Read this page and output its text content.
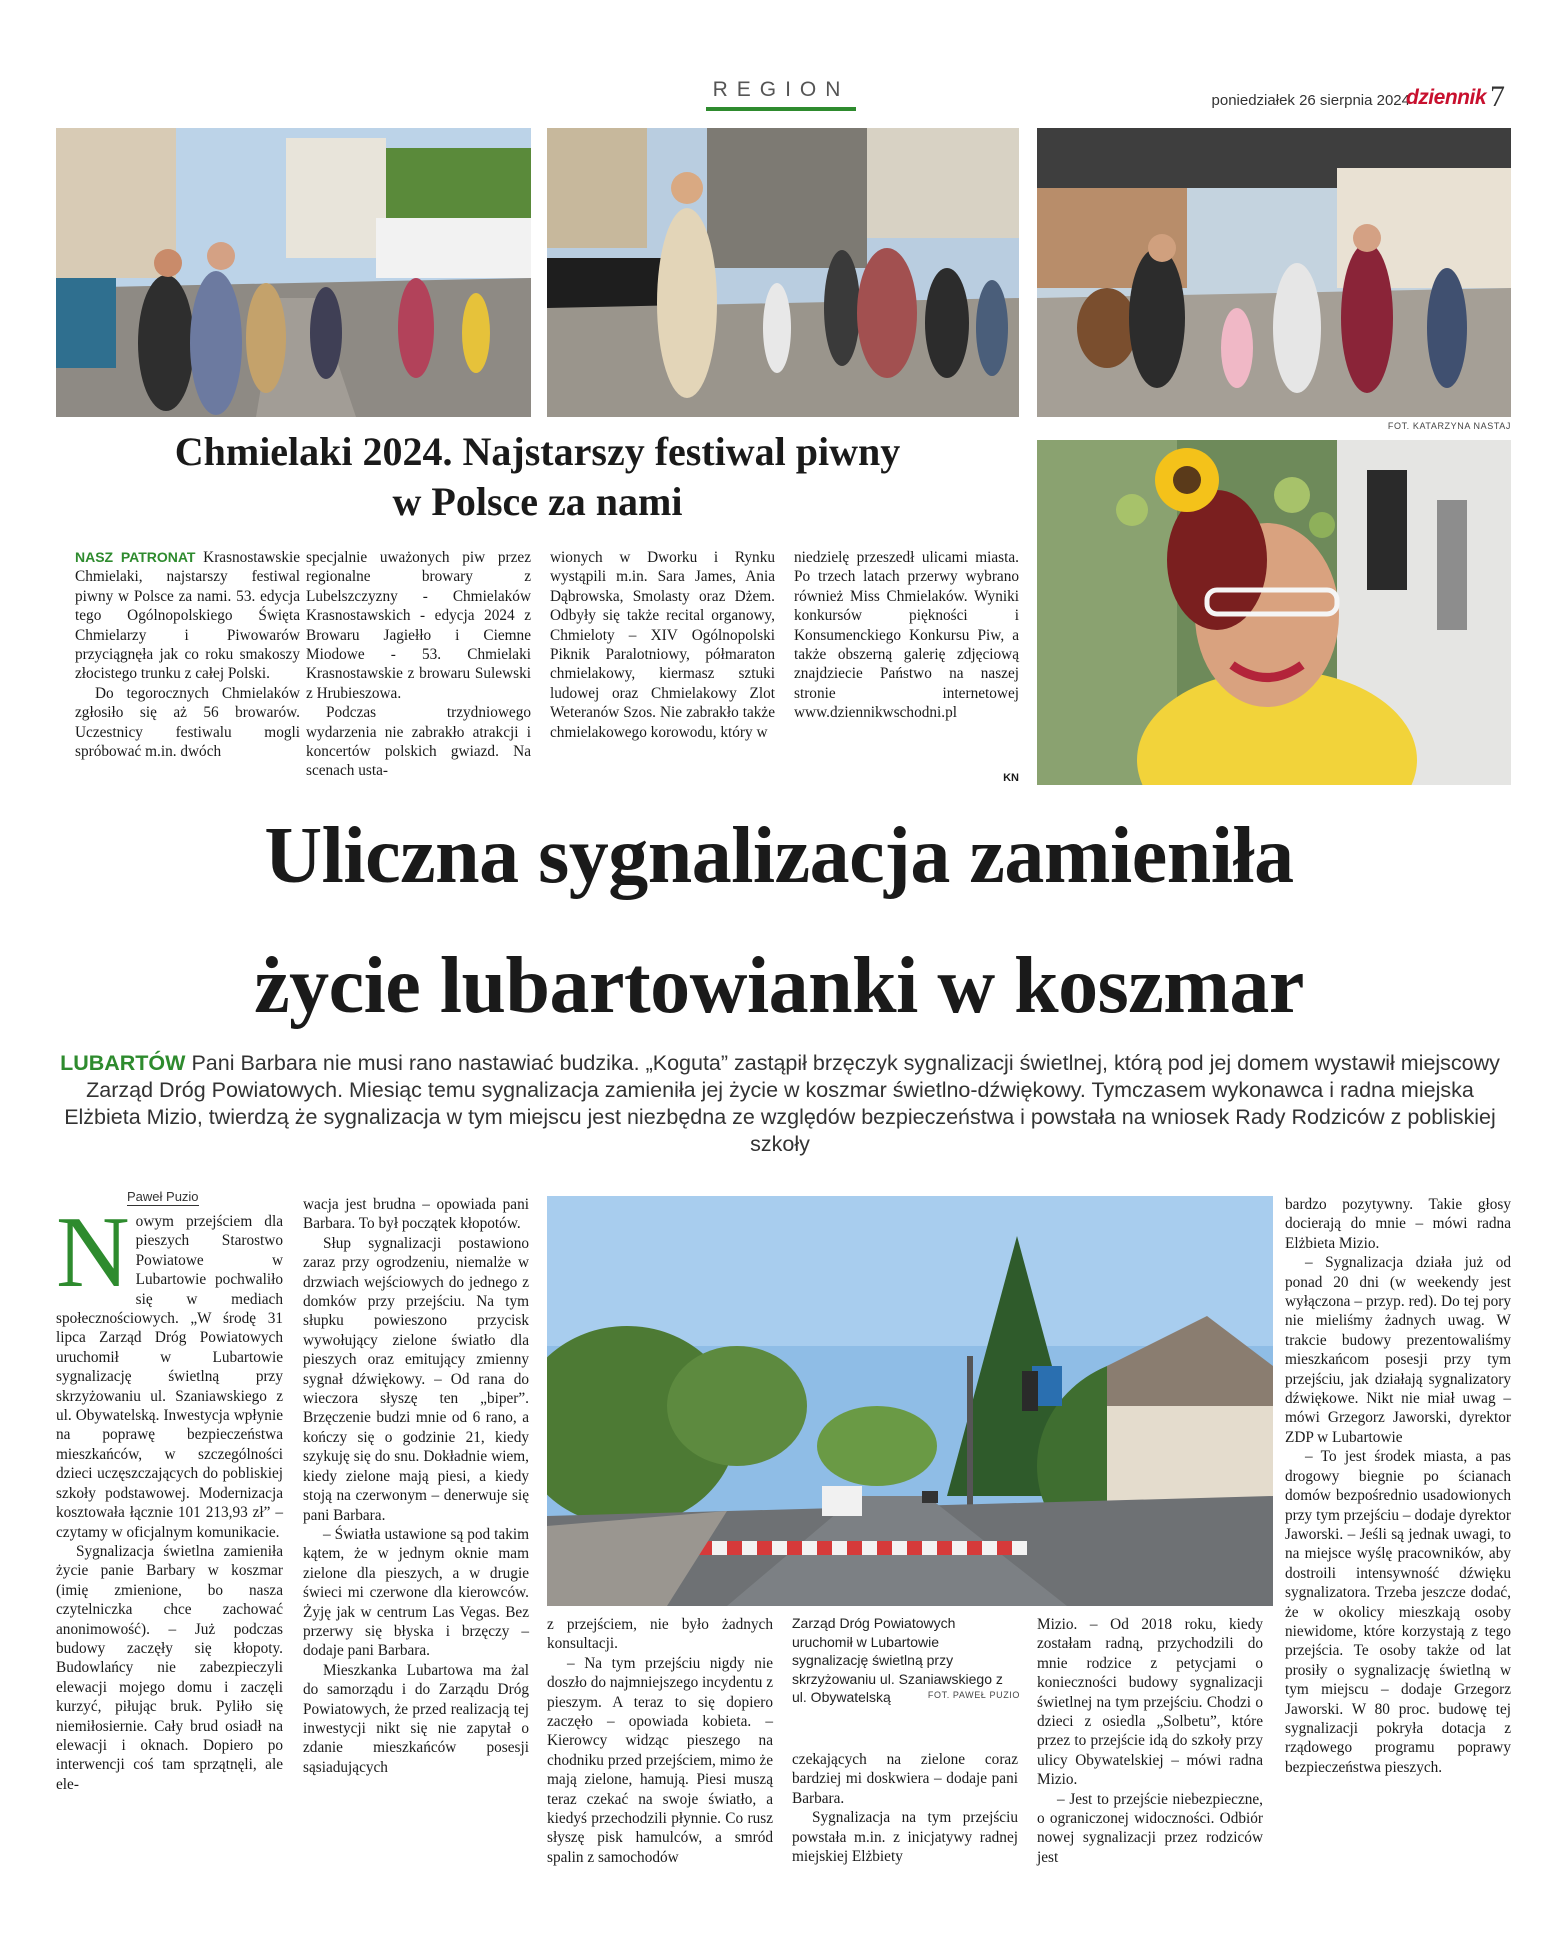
REGION	poniedziałek 26 sierpnia 2024
dziennik 7
FOT. KATARZYNA NASTAJ
Chmielaki 2024. Najstarszy festiwal piwny
w Polsce za nami

NASZ PATRONAT Krasnostawskie Chmielaki, najstarszy festiwal piwny w Polsce za nami. 53. edycja tego Ogólnopolskiego Święta Chmielarzy i Piwowarów przyciągnęła jak co roku smakoszy złocistego trunku z całej Polski.

Do tegorocznych Chmielaków zgłosiło się aż 56 browarów. Uczestnicy festiwalu mogli spróbować m.in. dwóch

specjalnie uważonych piw przez regionalne browary z Lubelszczyzny - Chmielaków Krasnostawskich - edycja 2024 z Browaru Jagiełło i Ciemne Miodowe - 53. Chmielaki Krasnostawskie z browaru Sulewski z Hrubieszowa.

Podczas trzydniowego wydarzenia nie zabrakło atrakcji i koncertów polskich gwiazd. Na scenach usta-

wionych w Dworku i Rynku wystąpili m.in. Sara James, Ania Dąbrowska, Smolasty oraz Dżem. Odbyły się także recital organowy, Chmieloty – XIV Ogólnopolski Piknik Paralotniowy, półmaraton chmielakowy, kiermasz sztuki ludowej oraz Chmielakowy Zlot Weteranów Szos. Nie zabrakło także chmielakowego korowodu, który w

niedzielę przeszedł ulicami miasta. Po trzech latach przerwy wybrano również Miss Chmielaków. Wyniki konkursów piękności i Konsumenckiego Konkursu Piw, a także obszerną galerię zdjęciową znajdziecie Państwo na naszej stronie internetowej www.dziennikwschodni.pl

KN
Uliczna sygnalizacja zamieniła
życie lubartowianki w koszmar
LUBARTÓW Pani Barbara nie musi rano nastawiać budzika. „Koguta” zastąpił brzęczyk sygnalizacji świetlnej, którą pod jej domem wystawił miejscowy Zarząd Dróg Powiatowych. Miesiąc temu sygnalizacja zamieniła jej życie w koszmar świetlno-dźwiękowy. Tymczasem wykonawca i radna miejska Elżbieta Mizio, twierdzą że sygnalizacja w tym miejscu jest niezbędna ze względów bezpieczeństwa i powstała na wniosek Rady Rodziców z pobliskiej szkoły
Paweł Puzio

Nowym przejściem dla pieszych Starostwo Powiatowe w Lubartowie pochwaliło się w mediach społecznościowych. „W środę 31 lipca Zarząd Dróg Powiatowych uruchomił w Lubartowie sygnalizację świetlną przy skrzyżowaniu ul. Szaniawskiego z ul. Obywatelską. Inwestycja wpłynie na poprawę bezpieczeństwa mieszkańców, w szczególności dzieci uczęszczających do pobliskiej szkoły podstawowej. Modernizacja kosztowała łącznie 101 213,93 zł” – czytamy w oficjalnym komunikacie.

Sygnalizacja świetlna zamieniła życie panie Barbary w koszmar (imię zmienione, bo nasza czytelniczka chce zachować anonimowość). – Już podczas budowy zaczęły się kłopoty. Budowlańcy nie zabezpieczyli elewacji mojego domu i zaczęli kurzyć, piłując bruk. Pyliło się niemiłosiernie. Cały brud osiadł na elewacji i oknach. Dopiero po interwencji coś tam sprzątnęli, ale ele-

wacja jest brudna – opowiada pani Barbara. To był początek kłopotów.

Słup sygnalizacji postawiono zaraz przy ogrodzeniu, niemalże w drzwiach wejściowych do jednego z domków przy przejściu. Na tym słupku powieszono przycisk wywołujący zielone światło dla pieszych oraz emitujący zmienny sygnał dźwiękowy. – Od rana do wieczora słyszę ten „biper”. Brzęczenie budzi mnie od 6 rano, a kończy się o godzinie 21, kiedy szykuję się do snu. Dokładnie wiem, kiedy zielone mają piesi, a kiedy stoją na czerwonym – denerwuje się pani Barbara.

– Światła ustawione są pod takim kątem, że w jednym oknie mam zielone dla pieszych, a w drugie świeci mi czerwone dla kierowców. Żyję jak w centrum Las Vegas. Bez przerwy się błyska i brzęczy – dodaje pani Barbara.

Mieszkanka Lubartowa ma żal do samorządu i do Zarządu Dróg Powiatowych, że przed realizacją tej inwestycji nikt się nie zapytał o zdanie mieszkańców posesji sąsiadujących

z przejściem, nie było żadnych konsultacji.

– Na tym przejściu nigdy nie doszło do najmniejszego incydentu z pieszym. A teraz to się dopiero zaczęło – opowiada kobieta. – Kierowcy widząc pieszego na chodniku przed przejściem, mimo że mają zielone, hamują. Piesi muszą teraz czekać na swoje światło, a kiedyś przechodzili płynnie. Co rusz słyszę pisk hamulców, a smród spalin z samochodów

Zarząd Dróg Powiatowych uruchomił w Lubartowie sygnalizację świetlną przy skrzyżowaniu ul. Szaniawskiego z ul. Obywatelską	FOT. PAWEŁ PUZIO

czekających na zielone coraz bardziej mi doskwiera – dodaje pani Barbara.

Sygnalizacja na tym przejściu powstała m.in. z inicjatywy radnej miejskiej Elżbiety

Mizio. – Od 2018 roku, kiedy zostałam radną, przychodzili do mnie rodzice z petycjami o konieczności budowy sygnalizacji świetlnej na tym przejściu. Chodzi o dzieci z osiedla „Solbetu”, które przez to przejście idą do szkoły przy ulicy Obywatelskiej – mówi radna Mizio.

– Jest to przejście niebezpieczne, o ograniczonej widoczności. Odbiór nowej sygnalizacji przez rodziców jest

bardzo pozytywny. Takie głosy docierają do mnie – mówi radna Elżbieta Mizio.

– Sygnalizacja działa już od ponad 20 dni (w weekendy jest wyłączona – przyp. red). Do tej pory nie mieliśmy żadnych uwag. W trakcie budowy prezentowaliśmy mieszkańcom posesji przy tym przejściu, jak działają sygnalizatory dźwiękowe. Nikt nie miał uwag – mówi Grzegorz Jaworski, dyrektor ZDP w Lubartowie

– To jest środek miasta, a pas drogowy biegnie po ścianach domów bezpośrednio usadowionych przy tym przejściu – dodaje dyrektor Jaworski. – Jeśli są jednak uwagi, to na miejsce wyślę pracowników, aby dostroili intensywność dźwięku sygnalizatora. Trzeba jeszcze dodać, że w okolicy mieszkają osoby niewidome, które korzystają z tego przejścia. Te osoby także od lat prosiły o sygnalizację świetlną w tym miejscu – dodaje Grzegorz Jaworski. W 80 proc. budowę tej sygnalizacji pokryła dotacja z rządowego programu poprawy bezpieczeństwa pieszych.
